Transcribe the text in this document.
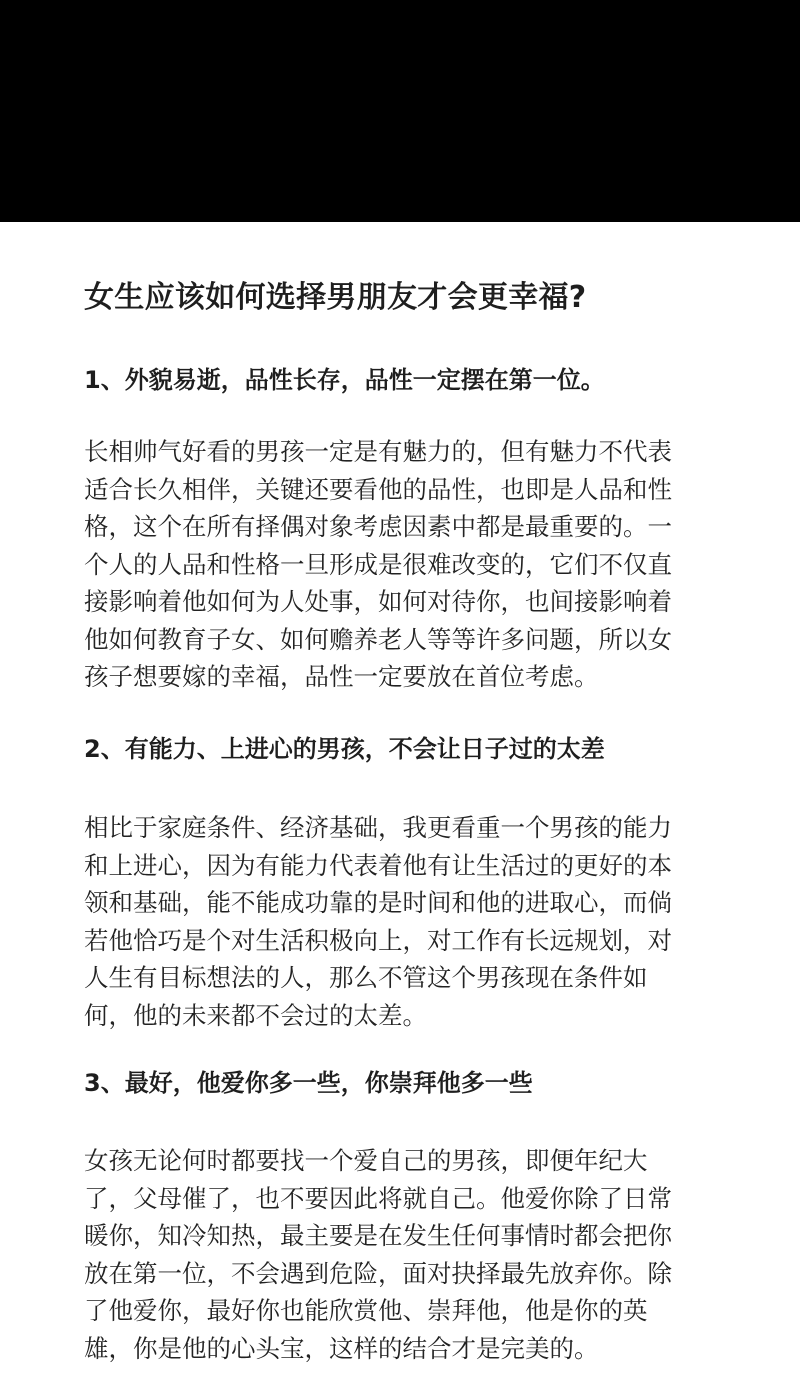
女生应该如何选择男朋友才会更幸福?
1、外貌易逝，品性长存，品性一定摆在第一位。

长相帅气好看的男孩一定是有魅力的，但有魅力不代表
适合长久相伴，关键还要看他的品性，也即是人品和性
格，这个在所有择偶对象考虑因素中都是最重要的。一
个人的人品和性格一旦形成是很难改变的，它们不仅直
接影响着他如何为人处事，如何对待你，也间接影响着
他如何教育子女、如何赡养老人等等许多问题，所以女
孩子想要嫁的幸福，品性一定要放在首位考虑。

2、有能力、上进心的男孩，不会让日子过的太差

相比于家庭条件、经济基础，我更看重一个男孩的能力
和上进心，因为有能力代表着他有让生活过的更好的本
领和基础，能不能成功靠的是时间和他的进取心，而倘
若他恰巧是个对生活积极向上，对工作有长远规划，对
人生有目标想法的人，那么不管这个男孩现在条件如
何，他的未来都不会过的太差。

3、最好，他爱你多一些，你崇拜他多一些

女孩无论何时都要找一个爱自己的男孩，即便年纪大
了，父母催了，也不要因此将就自己。他爱你除了日常
暖你，知冷知热，最主要是在发生任何事情时都会把你
放在第一位，不会遇到危险，面对抉择最先放弃你。除
了他爱你，最好你也能欣赏他、崇拜他，他是你的英
雄，你是他的心头宝，这样的结合才是完美的。
